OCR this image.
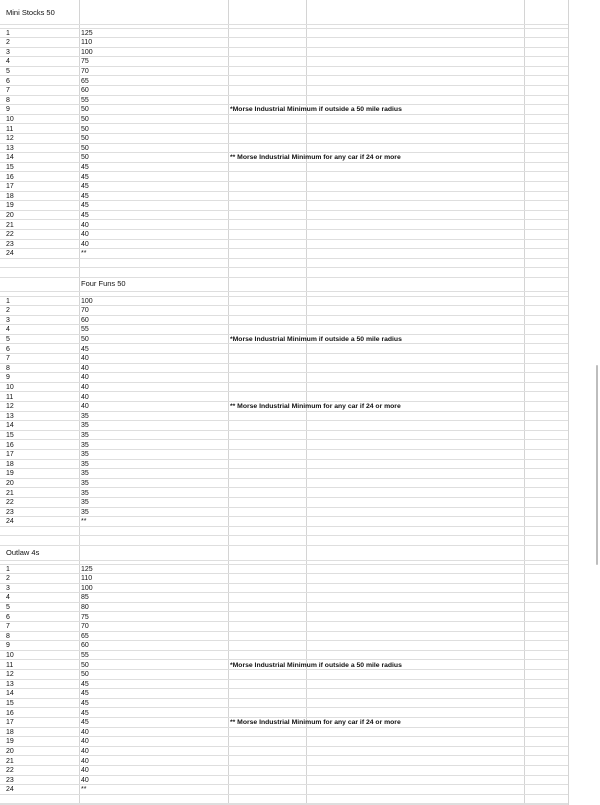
Mini Stocks 50
1	125
2	110
3	100
4	75
5	70
6	65
7	60
8	55
9	50	*Morse Industrial Minimum if outside a 50 mile radius
10	50
11	50
12	50
13	50
14	50	** Morse Industrial Minimum for any car if 24 or more
15	45
16	45
17	45
18	45
19	45
20	45
21	40
22	40
23	40
24	**
Four Funs 50
1	100
2	70
3	60
4	55
5	50	*Morse Industrial Minimum if outside a 50 mile radius
6	45
7	40
8	40
9	40
10	40
11	40
12	40	** Morse Industrial Minimum for any car if 24 or more
13	35
14	35
15	35
16	35
17	35
18	35
19	35
20	35
21	35
22	35
23	35
24	**
Outlaw 4s
1	125
2	110
3	100
4	85
5	80
6	75
7	70
8	65
9	60
10	55
11	50	*Morse Industrial Minimum if outside a 50 mile radius
12	50
13	45
14	45
15	45
16	45
17	45	** Morse Industrial Minimum for any car if 24 or more
18	40
19	40
20	40
21	40
22	40
23	40
24	**
